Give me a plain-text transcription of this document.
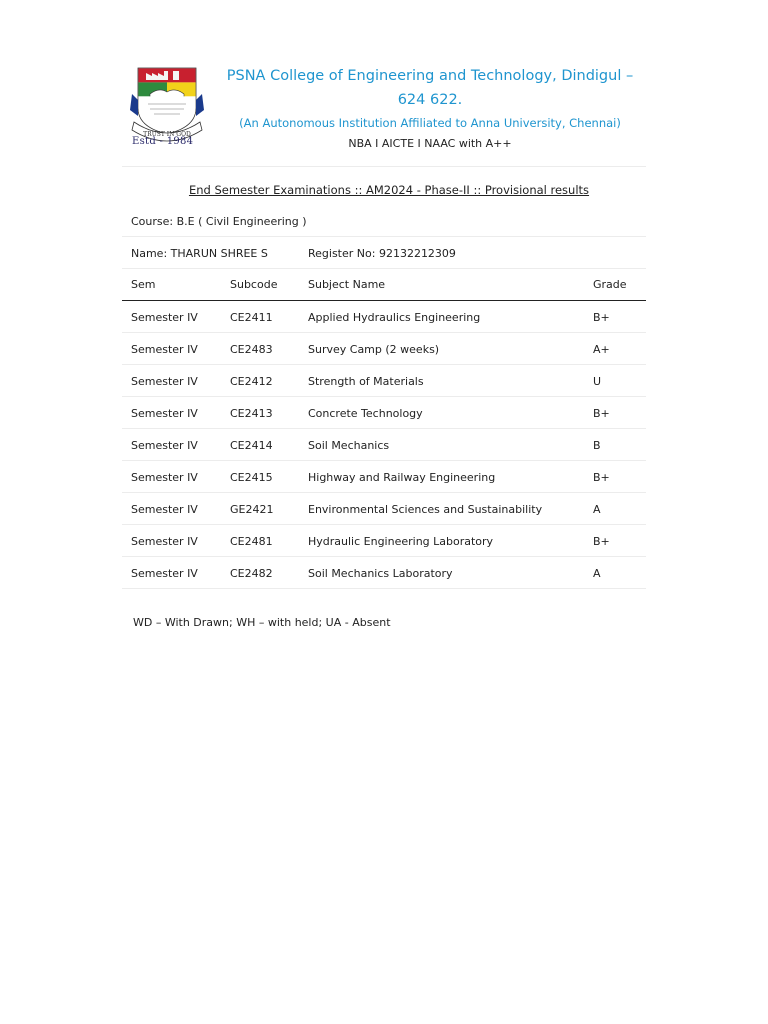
TRUST IN GOD
Estd - 1984
PSNA College of Engineering and Technology, Dindigul – 624 622.
(An Autonomous Institution Affiliated to Anna University, Chennai)
NBA I AICTE I NAAC with A++
End Semester Examinations :: AM2024 - Phase-II :: Provisional results
Course: B.E ( Civil Engineering )
Name: THARUN SHREE S	Register No: 92132212309
Sem	Subcode	Subject Name	Grade
Semester IV	CE2411	Applied Hydraulics Engineering	B+
Semester IV	CE2483	Survey Camp (2 weeks)	A+
Semester IV	CE2412	Strength of Materials	U
Semester IV	CE2413	Concrete Technology	B+
Semester IV	CE2414	Soil Mechanics	B
Semester IV	CE2415	Highway and Railway Engineering	B+
Semester IV	GE2421	Environmental Sciences and Sustainability	A
Semester IV	CE2481	Hydraulic Engineering Laboratory	B+
Semester IV	CE2482	Soil Mechanics Laboratory	A
WD – With Drawn; WH – with held; UA - Absent
